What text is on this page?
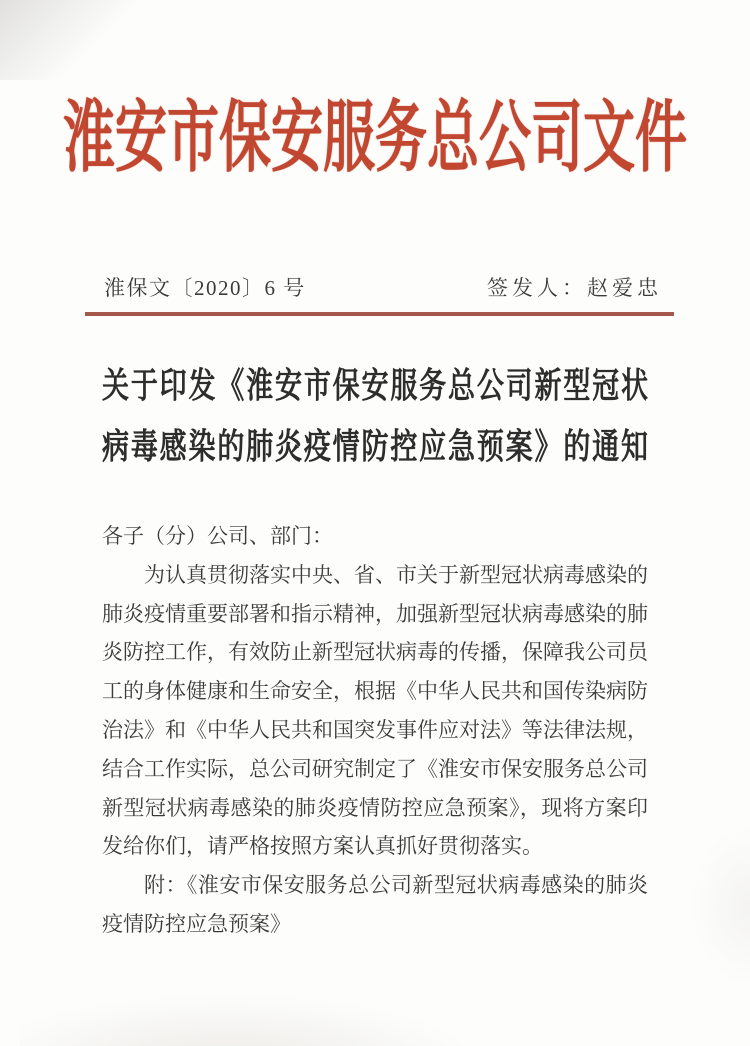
淮安市保安服务总公司文件
淮保文〔2020〕6 号	签发人：赵爱忠
关于印发《淮安市保安服务总公司新型冠状
病毒感染的肺炎疫情防控应急预案》的通知
各子（分）公司、部门：
为认真贯彻落实中央、省、市关于新型冠状病毒感染的
肺炎疫情重要部署和指示精神，加强新型冠状病毒感染的肺
炎防控工作，有效防止新型冠状病毒的传播，保障我公司员
工的身体健康和生命安全，根据《中华人民共和国传染病防
治法》和《中华人民共和国突发事件应对法》等法律法规，
结合工作实际，总公司研究制定了《淮安市保安服务总公司
新型冠状病毒感染的肺炎疫情防控应急预案》，现将方案印
发给你们，请严格按照方案认真抓好贯彻落实。
附：《淮安市保安服务总公司新型冠状病毒感染的肺炎
疫情防控应急预案》
